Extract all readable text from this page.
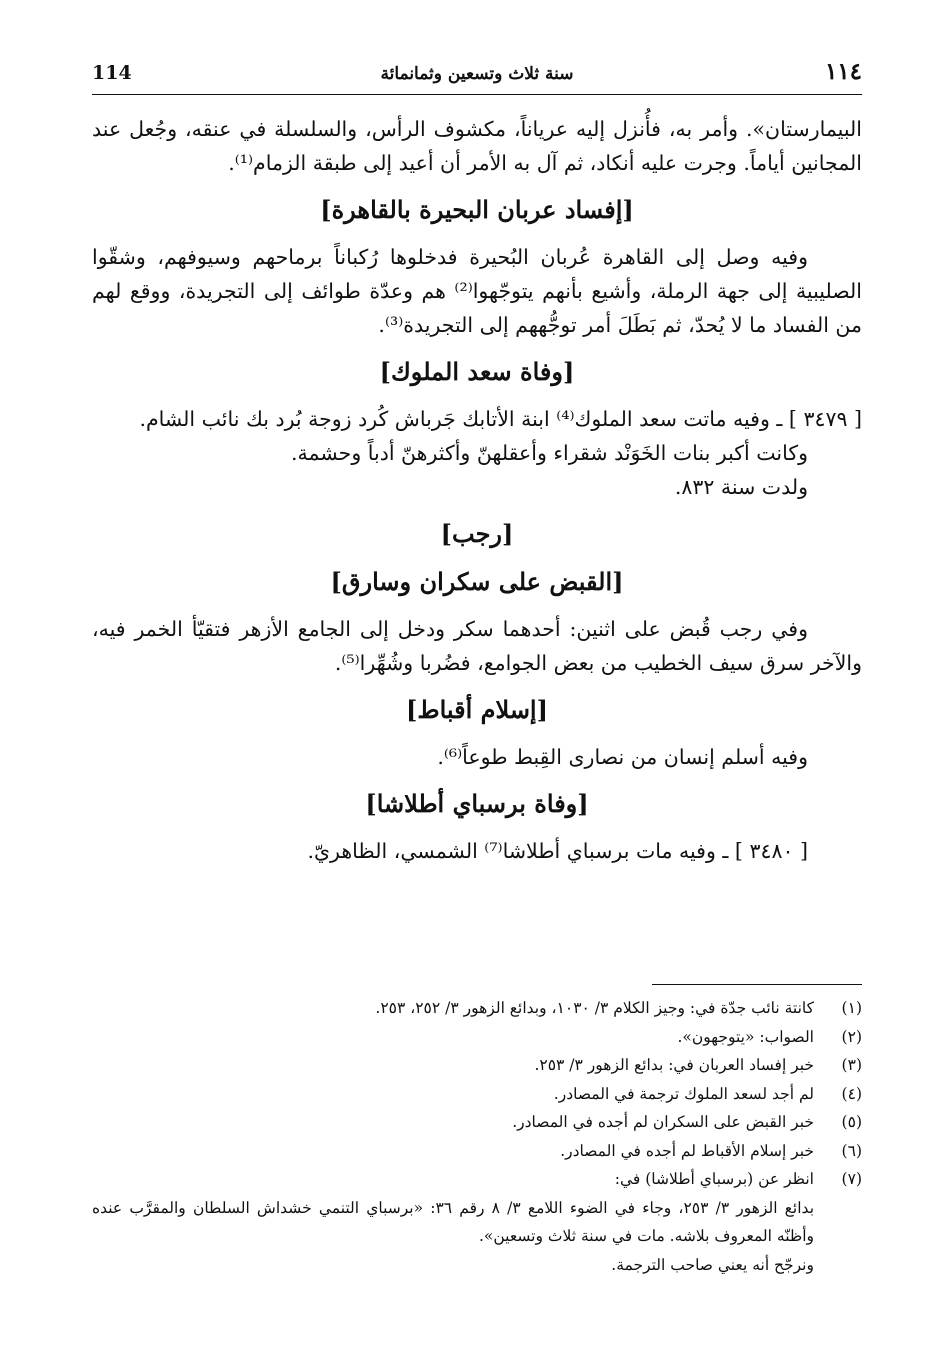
١١٤
سنة ثلاث وتسعين وثمانمائة
114

البيمارستان». وأمر به، فأُنزل إليه عرياناً، مكشوف الرأس، والسلسلة في عنقه، وجُعل عند المجانين أياماً. وجرت عليه أنكاد، ثم آل به الأمر أن أعيد إلى طبقة الزمام⁽¹⁾.

[إفساد عربان البحيرة بالقاهرة]

وفيه وصل إلى القاهرة عُربان البُحيرة فدخلوها رُكباناً برماحهم وسيوفهم، وشقّوا الصليبية إلى جهة الرملة، وأشيع بأنهم يتوجّهوا⁽²⁾ هم وعدّة طوائف إلى التجريدة، ووقع لهم من الفساد ما لا يُحدّ، ثم بَطَلَ أمر توجُّههم إلى التجريدة⁽³⁾.

[وفاة سعد الملوك]

[ ٣٤٧٩ ] ـ وفيه ماتت سعد الملوك⁽⁴⁾ ابنة الأتابك جَرباش كُرد زوجة بُرد بك نائب الشام.

وكانت أكبر بنات الخَوَنْد شقراء وأعقلهنّ وأكثرهنّ أدباً وحشمة.

ولدت سنة ٨٣٢.

[رجب]
[القبض على سكران وسارق]

وفي رجب قُبض على اثنين: أحدهما سكر ودخل إلى الجامع الأزهر فتقيّأ الخمر فيه، والآخر سرق سيف الخطيب من بعض الجوامع، فضُربا وشُهِّرا⁽⁵⁾.

[إسلام أقباط]

وفيه أسلم إنسان من نصارى القِبط طوعاً⁽⁶⁾.

[وفاة برسباي أطلاشا]

[ ٣٤٨٠ ] ـ وفيه مات برسباي أطلاشا⁽⁷⁾ الشمسي، الظاهريّ.

(١)
كانتة نائب جدّة في: وجيز الكلام ٣/ ١٠٣٠، وبدائع الزهور ٣/ ٢٥٢، ٢٥٣.

(٢)
الصواب: «يتوجهون».

(٣)
خبر إفساد العربان في: بدائع الزهور ٣/ ٢٥٣.

(٤)
لم أجد لسعد الملوك ترجمة في المصادر.

(٥)
خبر القبض على السكران لم أجده في المصادر.

(٦)
خبر إسلام الأقباط لم أجده في المصادر.

(٧)
انظر عن (برسباي أطلاشا) في:

بدائع الزهور ٣/ ٢٥٣، وجاء في الضوء اللامع ٣/ ٨ رقم ٣٦: «برسباي التنمي خشداش السلطان والمقرَّب عنده وأظنّه المعروف بلاشه. مات في سنة ثلاث وتسعين».

ونرجّح أنه يعني صاحب الترجمة.
